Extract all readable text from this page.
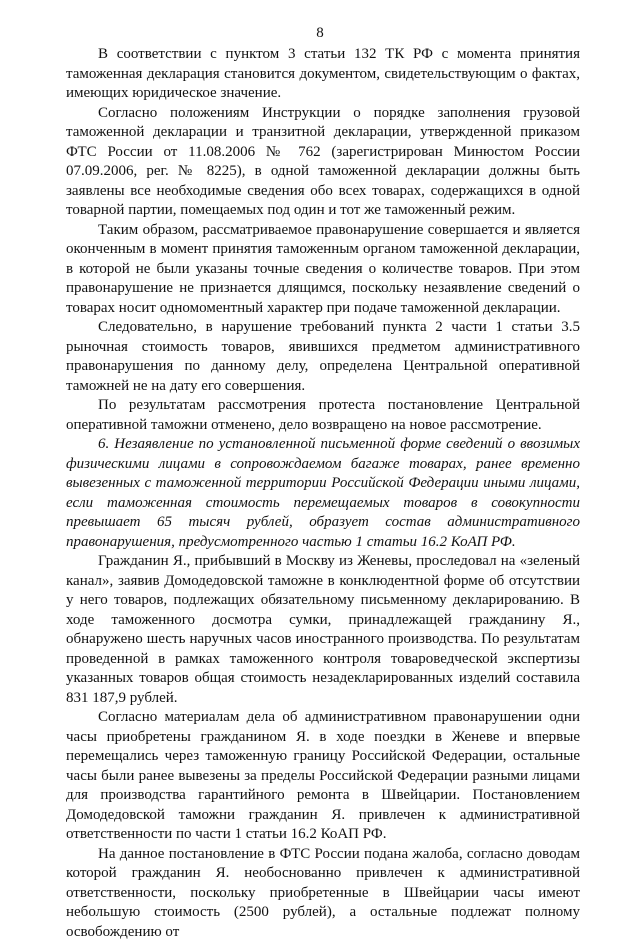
8

В соответствии с пунктом 3 статьи 132 ТК РФ с момента принятия таможенная декларация становится документом, свидетельствующим о фактах, имеющих юридическое значение.

Согласно положениям Инструкции о порядке заполнения грузовой таможенной декларации и транзитной декларации, утвержденной приказом ФТС России от 11.08.2006 № 762 (зарегистрирован Минюстом России 07.09.2006, рег. № 8225), в одной таможенной декларации должны быть заявлены все необходимые сведения обо всех товарах, содержащихся в одной товарной партии, помещаемых под один и тот же таможенный режим.

Таким образом, рассматриваемое правонарушение совершается и является оконченным в момент принятия таможенным органом таможенной декларации, в которой не были указаны точные сведения о количестве товаров. При этом правонарушение не признается длящимся, поскольку незаявление сведений о товарах носит одномоментный характер при подаче таможенной декларации.

Следовательно, в нарушение требований пункта 2 части 1 статьи 3.5 рыночная стоимость товаров, явившихся предметом административного правонарушения по данному делу, определена Центральной оперативной таможней не на дату его совершения.

По результатам рассмотрения протеста постановление Центральной оперативной таможни отменено, дело возвращено на новое рассмотрение.

6. Незаявление по установленной письменной форме сведений о ввозимых физическими лицами в сопровождаемом багаже товарах, ранее временно вывезенных с таможенной территории Российской Федерации иными лицами, если таможенная стоимость перемещаемых товаров в совокупности превышает 65 тысяч рублей, образует состав административного правонарушения, предусмотренного частью 1 статьи 16.2 КоАП РФ.

Гражданин Я., прибывший в Москву из Женевы, проследовал на «зеленый канал», заявив Домодедовской таможне в конклюдентной форме об отсутствии у него товаров, подлежащих обязательному письменному декларированию. В ходе таможенного досмотра сумки, принадлежащей гражданину Я., обнаружено шесть наручных часов иностранного производства. По результатам проведенной в рамках таможенного контроля товароведческой экспертизы указанных товаров общая стоимость незадекларированных изделий составила 831 187,9 рублей.

Согласно материалам дела об административном правонарушении одни часы приобретены гражданином Я. в ходе поездки в Женеве и впервые перемещались через таможенную границу Российской Федерации, остальные часы были ранее вывезены за пределы Российской Федерации разными лицами для производства гарантийного ремонта в Швейцарии. Постановлением Домодедовской таможни гражданин Я. привлечен к административной ответственности по части 1 статьи 16.2 КоАП РФ.

На данное постановление в ФТС России подана жалоба, согласно доводам которой гражданин Я. необоснованно привлечен к административной ответственности, поскольку приобретенные в Швейцарии часы имеют небольшую стоимость (2500 рублей), а остальные подлежат полному освобождению от
